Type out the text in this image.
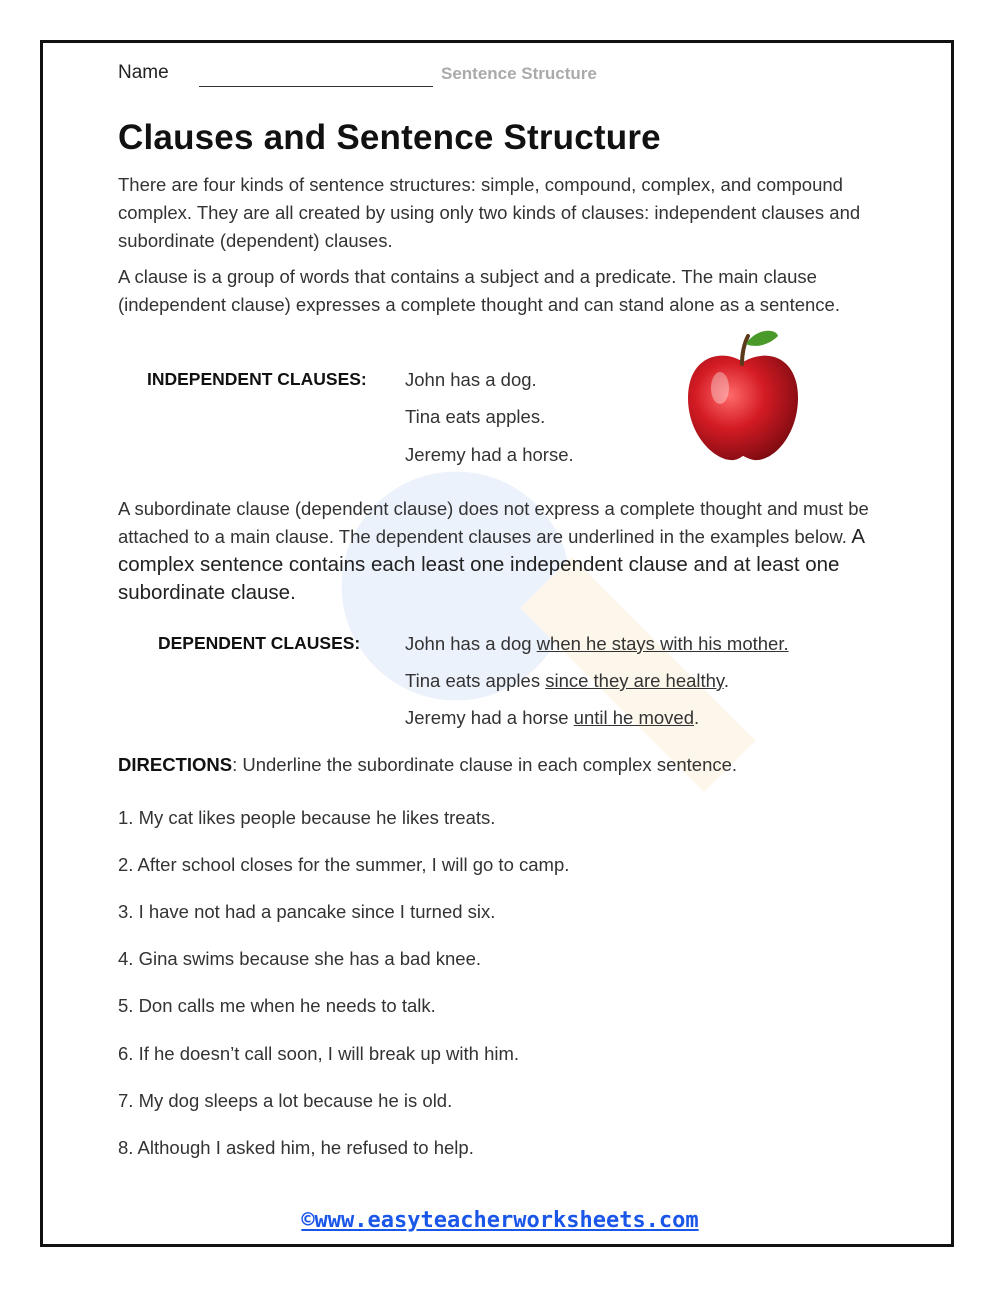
Name	Sentence Structure
Clauses and Sentence Structure
There are four kinds of sentence structures: simple, compound, complex, and compound complex. They are all created by using only two kinds of clauses: independent clauses and subordinate (dependent) clauses.
A clause is a group of words that contains a subject and a predicate. The main clause (independent clause) expresses a complete thought and can stand alone as a sentence.
INDEPENDENT CLAUSES: John has a dog.
Tina eats apples.
Jeremy had a horse.
A subordinate clause (dependent clause) does not express a complete thought and must be attached to a main clause. The dependent clauses are underlined in the examples below. A complex sentence contains each least one independent clause and at least one subordinate clause.
DEPENDENT CLAUSES: John has a dog when he stays with his mother.
Tina eats apples since they are healthy.
Jeremy had a horse until he moved.
DIRECTIONS: Underline the subordinate clause in each complex sentence.
1. My cat likes people because he likes treats.
2. After school closes for the summer, I will go to camp.
3. I have not had a pancake since I turned six.
4. Gina swims because she has a bad knee.
5. Don calls me when he needs to talk.
6. If he doesn’t call soon, I will break up with him.
7. My dog sleeps a lot because he is old.
8. Although I asked him, he refused to help.
©www.easyteacherworksheets.com
